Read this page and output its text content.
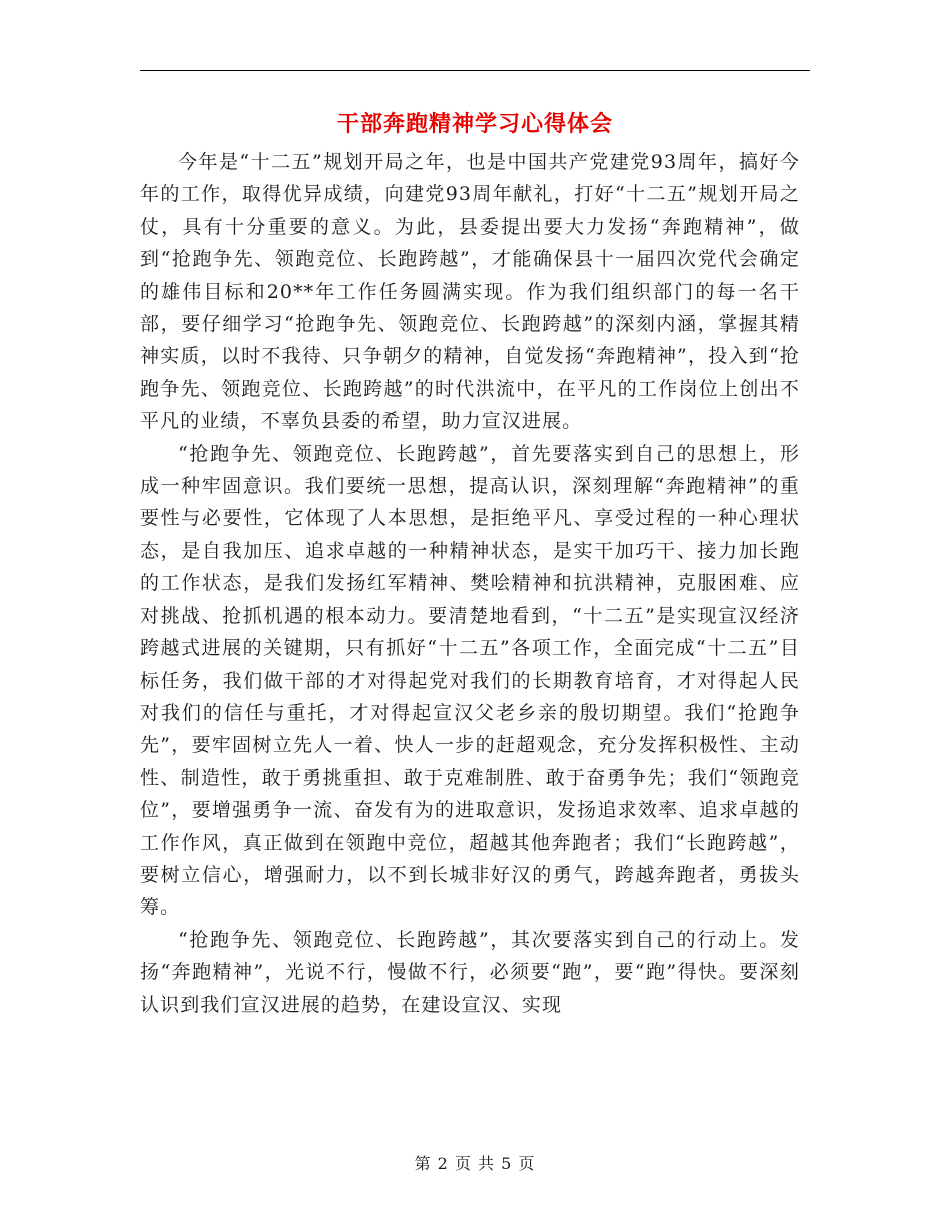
干部奔跑精神学习心得体会

今年是“十二五”规划开局之年，也是中国共产党建党93周年，搞好今年的工作，取得优异成绩，向建党93周年献礼，打好“十二五”规划开局之仗，具有十分重要的意义。为此，县委提出要大力发扬“奔跑精神”，做到“抢跑争先、领跑竞位、长跑跨越”，才能确保县十一届四次党代会确定的雄伟目标和20**年工作任务圆满实现。作为我们组织部门的每一名干部，要仔细学习“抢跑争先、领跑竞位、长跑跨越”的深刻内涵，掌握其精神实质，以时不我待、只争朝夕的精神，自觉发扬“奔跑精神”，投入到“抢跑争先、领跑竞位、长跑跨越”的时代洪流中，在平凡的工作岗位上创出不平凡的业绩，不辜负县委的希望，助力宣汉进展。

“抢跑争先、领跑竞位、长跑跨越”，首先要落实到自己的思想上，形成一种牢固意识。我们要统一思想，提高认识，深刻理解“奔跑精神”的重要性与必要性，它体现了人本思想，是拒绝平凡、享受过程的一种心理状态，是自我加压、追求卓越的一种精神状态，是实干加巧干、接力加长跑的工作状态，是我们发扬红军精神、樊哙精神和抗洪精神，克服困难、应对挑战、抢抓机遇的根本动力。要清楚地看到，“十二五”是实现宣汉经济跨越式进展的关键期，只有抓好“十二五”各项工作，全面完成“十二五”目标任务，我们做干部的才对得起党对我们的长期教育培育，才对得起人民对我们的信任与重托，才对得起宣汉父老乡亲的殷切期望。我们“抢跑争先”，要牢固树立先人一着、快人一步的赶超观念，充分发挥积极性、主动性、制造性，敢于勇挑重担、敢于克难制胜、敢于奋勇争先；我们“领跑竞位”，要增强勇争一流、奋发有为的进取意识，发扬追求效率、追求卓越的工作作风，真正做到在领跑中竞位，超越其他奔跑者；我们“长跑跨越”，要树立信心，增强耐力，以不到长城非好汉的勇气，跨越奔跑者，勇拔头筹。

“抢跑争先、领跑竞位、长跑跨越”，其次要落实到自己的行动上。发扬“奔跑精神”，光说不行，慢做不行，必须要“跑”，要“跑”得快。要深刻认识到我们宣汉进展的趋势，在建设宣汉、实现

第 2 页 共 5 页
